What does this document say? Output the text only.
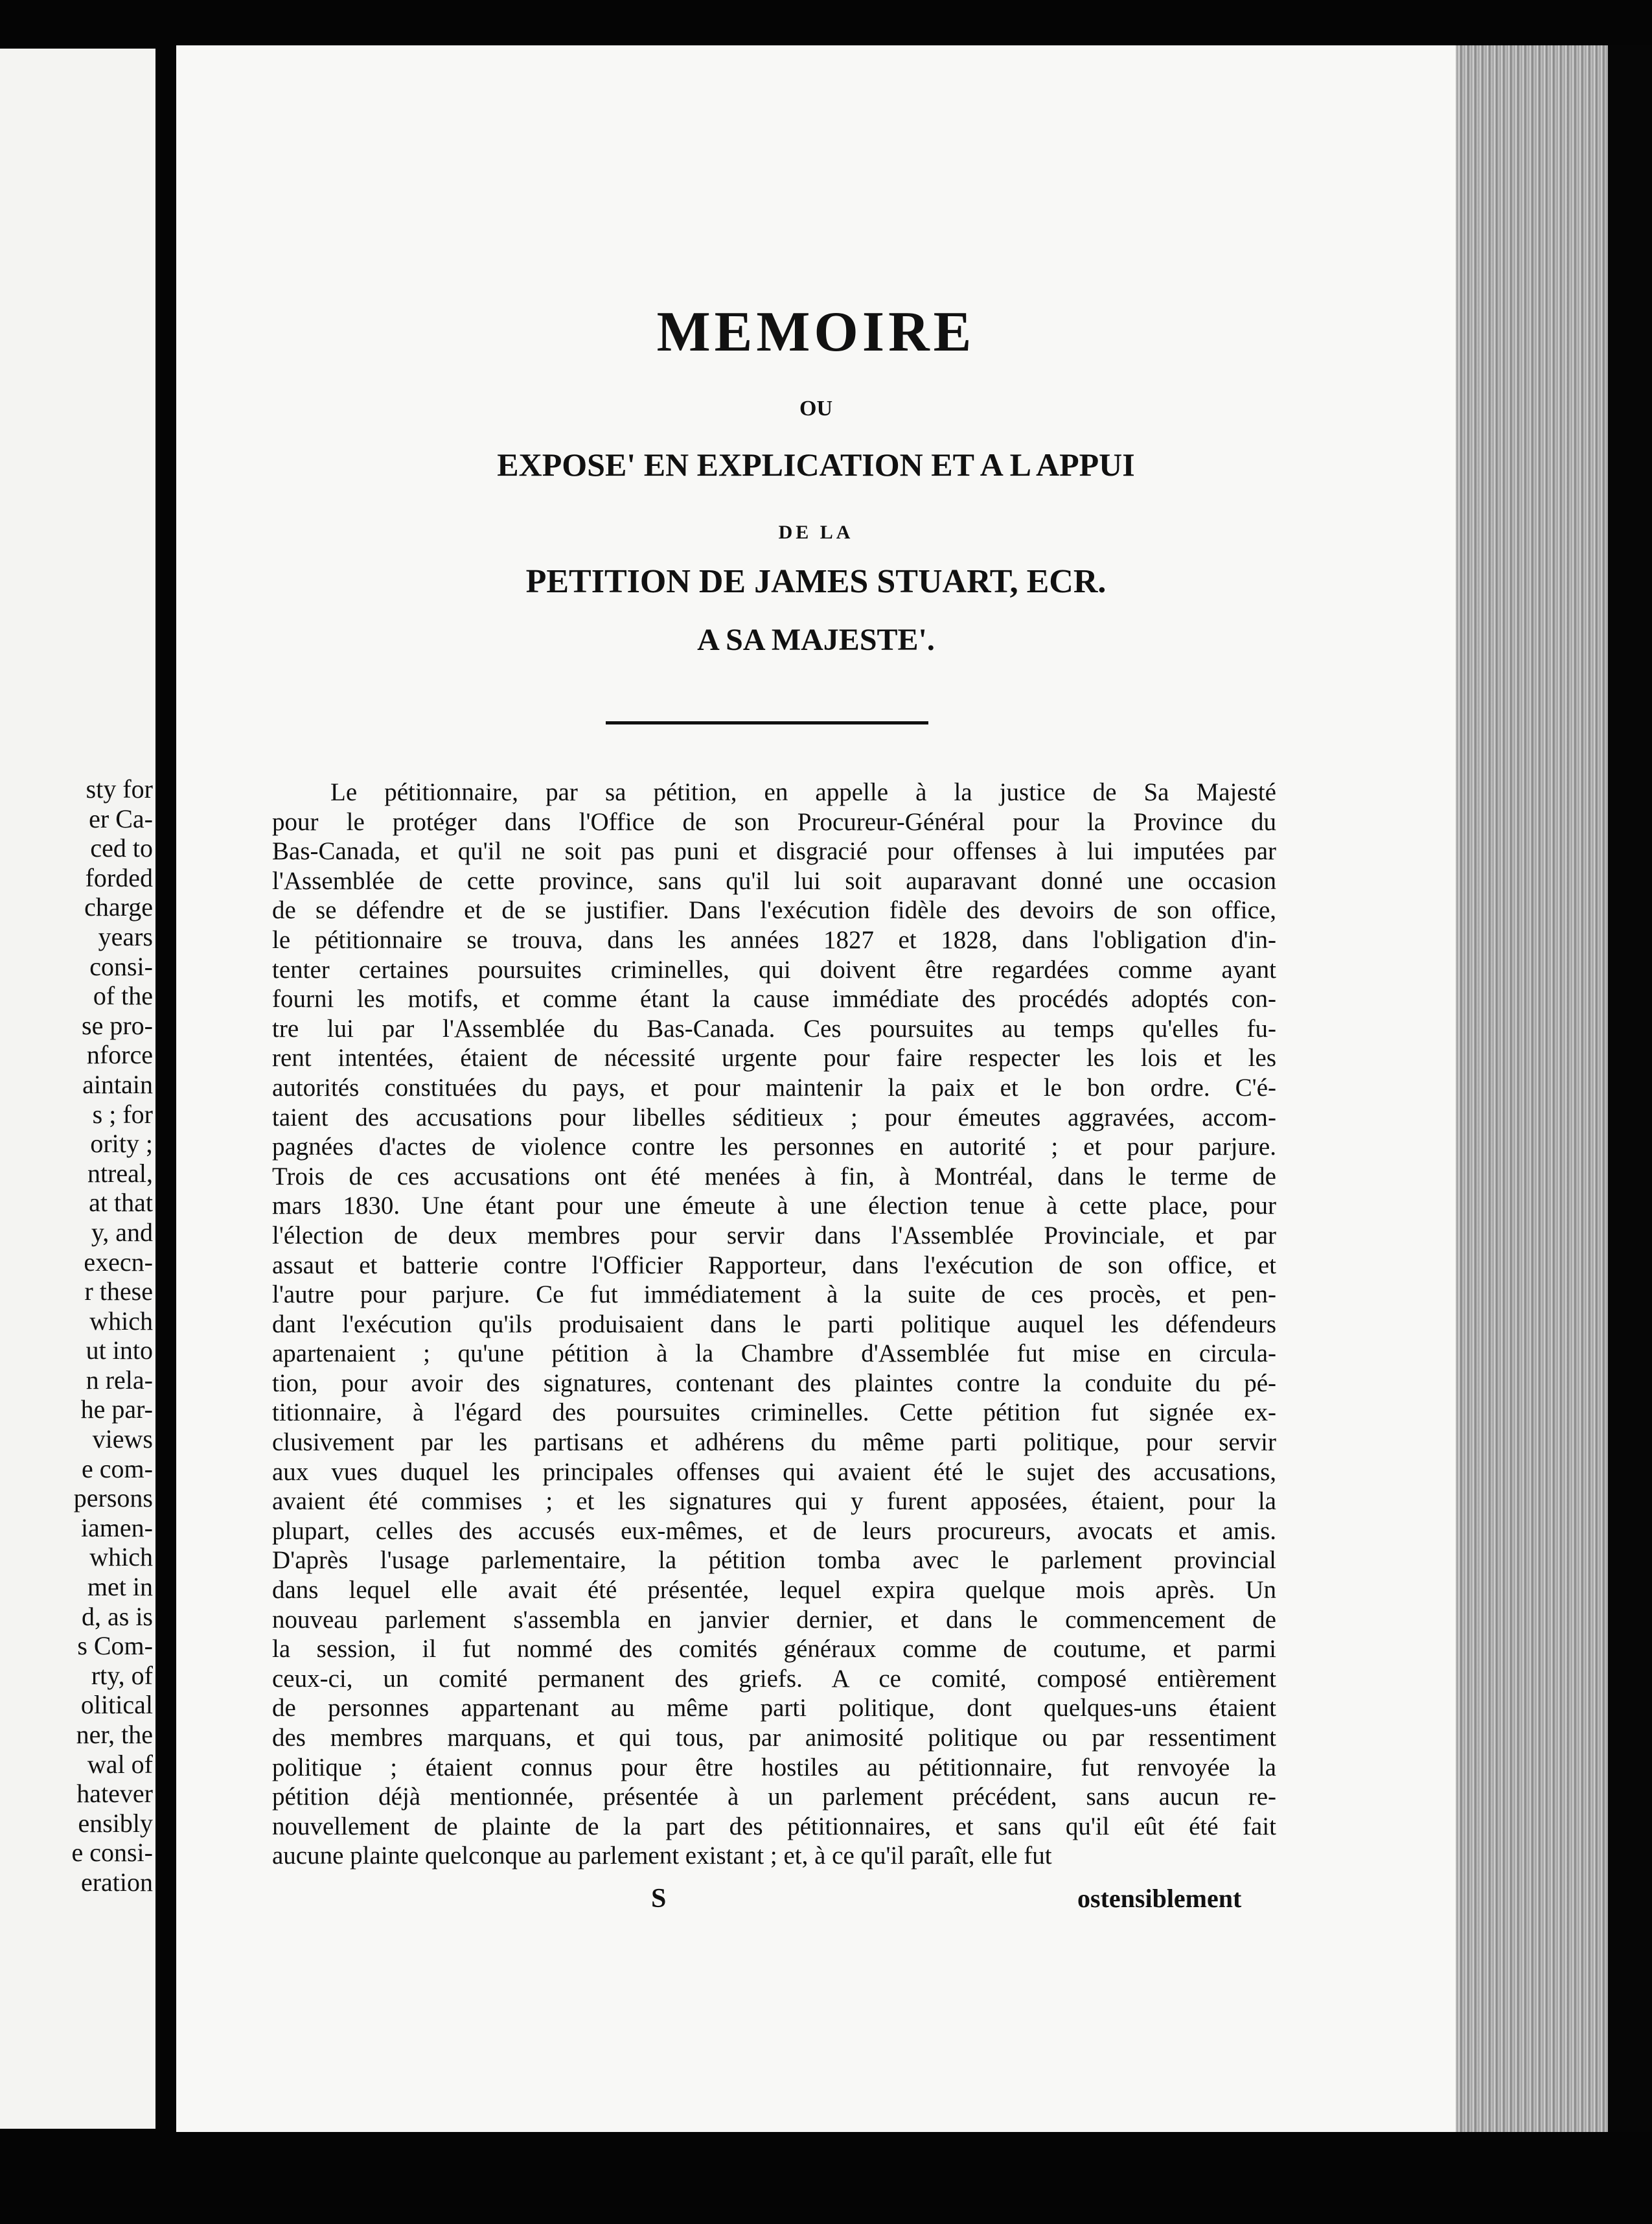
sty for
er Ca-
ced to
forded
charge
years
consi-
of the
se pro-
nforce
aintain
s ; for
ority ;
ntreal,
at that
y, and
execn-
r these
which
ut into
n rela-
he par-
views
e com-
persons
iamen-
which
met in
d, as is
s Com-
rty, of
olitical
ner, the
wal of
hatever
ensibly
e consi-
eration
MEMOIRE
OU
EXPOSE' EN EXPLICATION ET A L APPUI
DE LA
PETITION DE JAMES STUART, ECR.
A SA MAJESTE'.
Le pétitionnaire, par sa pétition, en appelle à la justice de Sa Majesté
pour le protéger dans l'Office de son Procureur-Général pour la Province du
Bas-Canada, et qu'il ne soit pas puni et disgracié pour offenses à lui imputées par
l'Assemblée de cette province, sans qu'il lui soit auparavant donné une occasion
de se défendre et de se justifier. Dans l'exécution fidèle des devoirs de son office,
le pétitionnaire se trouva, dans les années 1827 et 1828, dans l'obligation d'in-
tenter certaines poursuites criminelles, qui doivent être regardées comme ayant
fourni les motifs, et comme étant la cause immédiate des procédés adoptés con-
tre lui par l'Assemblée du Bas-Canada. Ces poursuites au temps qu'elles fu-
rent intentées, étaient de nécessité urgente pour faire respecter les lois et les
autorités constituées du pays, et pour maintenir la paix et le bon ordre. C'é-
taient des accusations pour libelles séditieux ; pour émeutes aggravées, accom-
pagnées d'actes de violence contre les personnes en autorité ; et pour parjure.
Trois de ces accusations ont été menées à fin, à Montréal, dans le terme de
mars 1830. Une étant pour une émeute à une élection tenue à cette place, pour
l'élection de deux membres pour servir dans l'Assemblée Provinciale, et par
assaut et batterie contre l'Officier Rapporteur, dans l'exécution de son office, et
l'autre pour parjure. Ce fut immédiatement à la suite de ces procès, et pen-
dant l'exécution qu'ils produisaient dans le parti politique auquel les défendeurs
apartenaient ; qu'une pétition à la Chambre d'Assemblée fut mise en circula-
tion, pour avoir des signatures, contenant des plaintes contre la conduite du pé-
titionnaire, à l'égard des poursuites criminelles. Cette pétition fut signée ex-
clusivement par les partisans et adhérens du même parti politique, pour servir
aux vues duquel les principales offenses qui avaient été le sujet des accusations,
avaient été commises ; et les signatures qui y furent apposées, étaient, pour la
plupart, celles des accusés eux-mêmes, et de leurs procureurs, avocats et amis.
D'après l'usage parlementaire, la pétition tomba avec le parlement provincial
dans lequel elle avait été présentée, lequel expira quelque mois après. Un
nouveau parlement s'assembla en janvier dernier, et dans le commencement de
la session, il fut nommé des comités généraux comme de coutume, et parmi
ceux-ci, un comité permanent des griefs. A ce comité, composé entièrement
de personnes appartenant au même parti politique, dont quelques-uns étaient
des membres marquans, et qui tous, par animosité politique ou par ressentiment
politique ; étaient connus pour être hostiles au pétitionnaire, fut renvoyée la
pétition déjà mentionnée, présentée à un parlement précédent, sans aucun re-
nouvellement de plainte de la part des pétitionnaires, et sans qu'il eût été fait
aucune plainte quelconque au parlement existant ; et, à ce qu'il paraît, elle fut
S	ostensiblement
